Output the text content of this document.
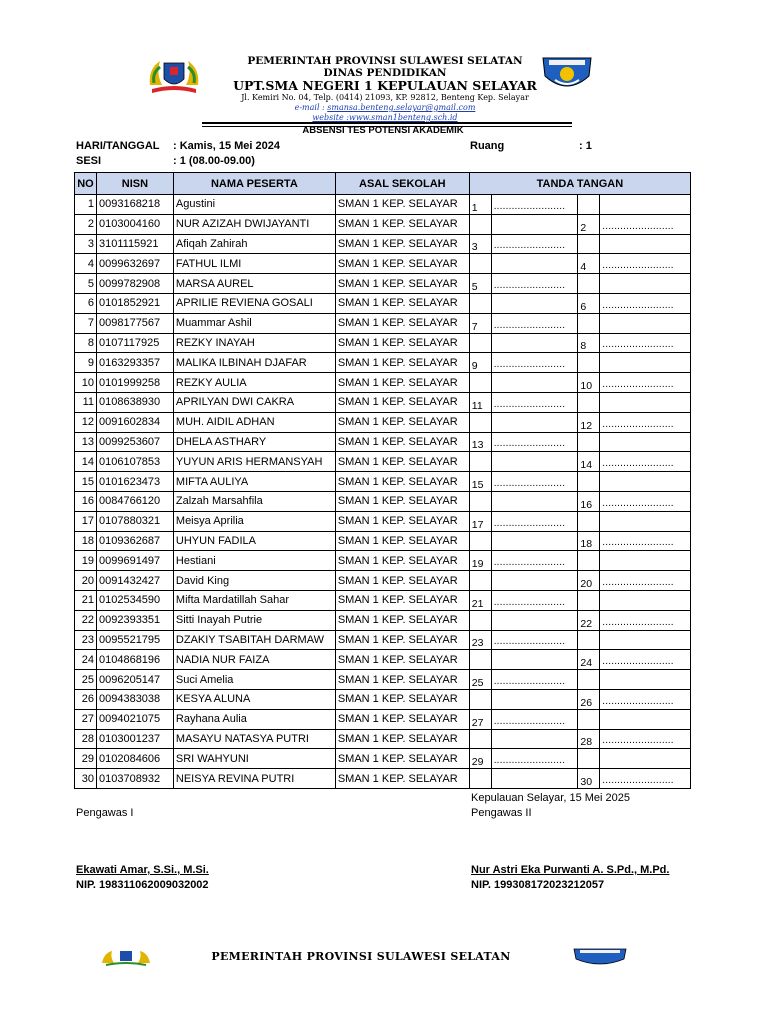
PEMERINTAH PROVINSI SULAWESI SELATAN
DINAS PENDIDIKAN
UPT.SMA NEGERI 1 KEPULAUAN SELAYAR
Jl. Kemiri No. 04, Telp. (0414) 21093, KP. 92812, Benteng Kep. Selayar
e-mail : smansa.benteng.selayar@gmail.com
website :www.sman1benteng.sch.id
ABSENSI TES POTENSI AKADEMIK
HARI/TANGGAL : Kamis, 15 Mei 2024	Ruang	: 1
SESI	: 1 (08.00-09.00)
NO	NISN	NAMA PESERTA	ASAL SEKOLAH	TANDA TANGAN			
1	0093168218	Agustini	SMAN 1 KEP. SELAYAR	1	........................		

2	0103004160	NUR AZIZAH DWIJAYANTI	SMAN 1 KEP. SELAYAR			2	........................

3	3101115921	Afiqah Zahirah	SMAN 1 KEP. SELAYAR	3	........................		

4	0099632697	FATHUL ILMI	SMAN 1 KEP. SELAYAR			4	........................

5	0099782908	MARSA AUREL	SMAN 1 KEP. SELAYAR	5	........................		

6	0101852921	APRILIE REVIENA GOSALI	SMAN 1 KEP. SELAYAR			6	........................

7	0098177567	Muammar Ashil	SMAN 1 KEP. SELAYAR	7	........................		

8	0107117925	REZKY INAYAH	SMAN 1 KEP. SELAYAR			8	........................

9	0163293357	MALIKA ILBINAH DJAFAR	SMAN 1 KEP. SELAYAR	9	........................		

10	0101999258	REZKY AULIA	SMAN 1 KEP. SELAYAR			10	........................

11	0108638930	APRILYAN DWI CAKRA	SMAN 1 KEP. SELAYAR	11	........................		

12	0091602834	MUH. AIDIL ADHAN	SMAN 1 KEP. SELAYAR			12	........................

13	0099253607	DHELA ASTHARY	SMAN 1 KEP. SELAYAR	13	........................		

14	0106107853	YUYUN ARIS HERMANSYAH	SMAN 1 KEP. SELAYAR			14	........................

15	0101623473	MIFTA AULIYA	SMAN 1 KEP. SELAYAR	15	........................		

16	0084766120	Zalzah Marsahfila	SMAN 1 KEP. SELAYAR			16	........................

17	0107880321	Meisya Aprilia	SMAN 1 KEP. SELAYAR	17	........................		

18	0109362687	UHYUN FADILA	SMAN 1 KEP. SELAYAR			18	........................

19	0099691497	Hestiani	SMAN 1 KEP. SELAYAR	19	........................		

20	0091432427	David King	SMAN 1 KEP. SELAYAR			20	........................

21	0102534590	Mifta Mardatillah Sahar	SMAN 1 KEP. SELAYAR	21	........................		

22	0092393351	Sitti Inayah Putrie	SMAN 1 KEP. SELAYAR			22	........................

23	0095521795	DZAKIY TSABITAH DARMAW	SMAN 1 KEP. SELAYAR	23	........................		

24	0104868196	NADIA NUR FAIZA	SMAN 1 KEP. SELAYAR			24	........................

25	0096205147	Suci Amelia	SMAN 1 KEP. SELAYAR	25	........................		

26	0094383038	KESYA ALUNA	SMAN 1 KEP. SELAYAR			26	........................

27	0094021075	Rayhana Aulia	SMAN 1 KEP. SELAYAR	27	........................		

28	0103001237	MASAYU NATASYA PUTRI	SMAN 1 KEP. SELAYAR			28	........................

29	0102084606	SRI WAHYUNI	SMAN 1 KEP. SELAYAR	29	........................		

30	0103708932	NEISYA REVINA PUTRI	SMAN 1 KEP. SELAYAR			30	........................
Kepulauan Selayar, 15 Mei 2025
Pengawas I	Pengawas II
Ekawati Amar, S.Si., M.Si.
NIP. 198311062009032002
Nur Astri Eka Purwanti A. S.Pd., M.Pd.
NIP. 199308172023212057
PEMERINTAH PROVINSI SULAWESI SELATAN
